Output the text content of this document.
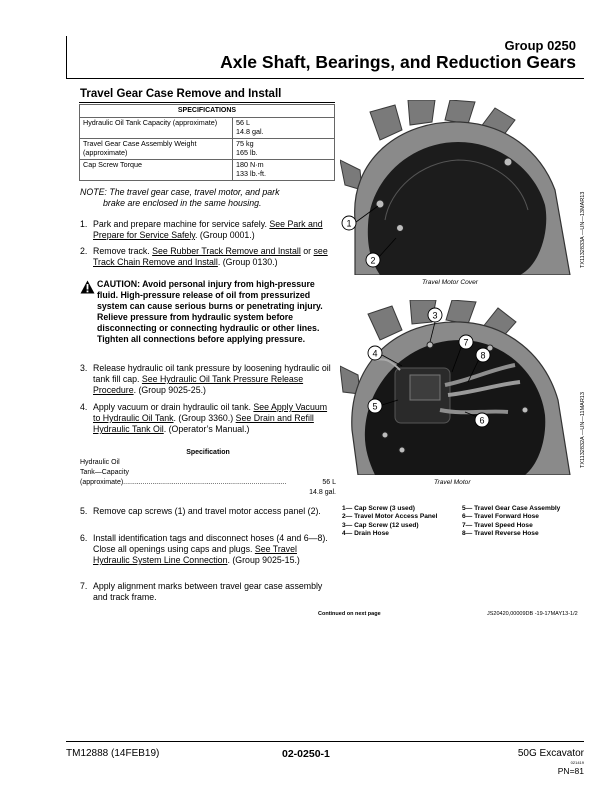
Group 0250
Axle Shaft, Bearings, and Reduction Gears
Travel Gear Case Remove and Install
SPECIFICATIONS	
Hydraulic Oil Tank Capacity (approximate)	56 L
14.8 gal.
Travel Gear Case Assembly Weight (approximate)	75 kg
165 lb.
Cap Screw Torque	180 N·m
133 lb.-ft.
NOTE: The travel gear case, travel motor, and park
brake are enclosed in the same housing.
1. Park and prepare machine for service safely. See Park and Prepare for Service Safely. (Group 0001.)
2. Remove track. See Rubber Track Remove and Install or see Track Chain Remove and Install. (Group 0130.)
CAUTION: Avoid personal injury from high-pressure fluid. High-pressure release of oil from pressurized system can cause serious burns or penetrating injury. Relieve pressure from hydraulic system before disconnecting or connecting hydraulic or other lines. Tighten all connections before applying pressure.
3. Release hydraulic oil tank pressure by loosening hydraulic oil tank fill cap. See Hydraulic Oil Tank Pressure Release Procedure. (Group 9025-25.)
4. Apply vacuum or drain hydraulic oil tank. See Apply Vacuum to Hydraulic Oil Tank. (Group 3360.) See Drain and Refill Hydraulic Tank Oil. (Operator’s Manual.)
Specification
Hydraulic Oil
Tank—Capacity
(approximate)....................................................................................	56 L
14.8 gal.
5. Remove cap screws (1) and travel motor access panel (2).
6. Install identification tags and disconnect hoses (4 and 6—8). Close all openings using caps and plugs. See Travel Hydraulic System Line Connection. (Group 9025-15.)
7. Apply alignment marks between travel gear case assembly and track frame.
1
2
Travel Motor Cover
TX1132833A —UN—13MAR13
3
4
5
6
7
8
Travel Motor
TX1132832A —UN—11MAR13
1— Cap Screw (3 used)
2— Travel Motor Access Panel
3— Cap Screw (12 used)
4— Drain Hose
5— Travel Gear Case Assembly
6— Travel Forward Hose
7— Travel Speed Hose
8— Travel Reverse Hose
Continued on next page	JS20420,00009DB -19-17MAY13-1/2
TM12888 (14FEB19)	02-0250-1	50G Excavator
021419
PN=81
